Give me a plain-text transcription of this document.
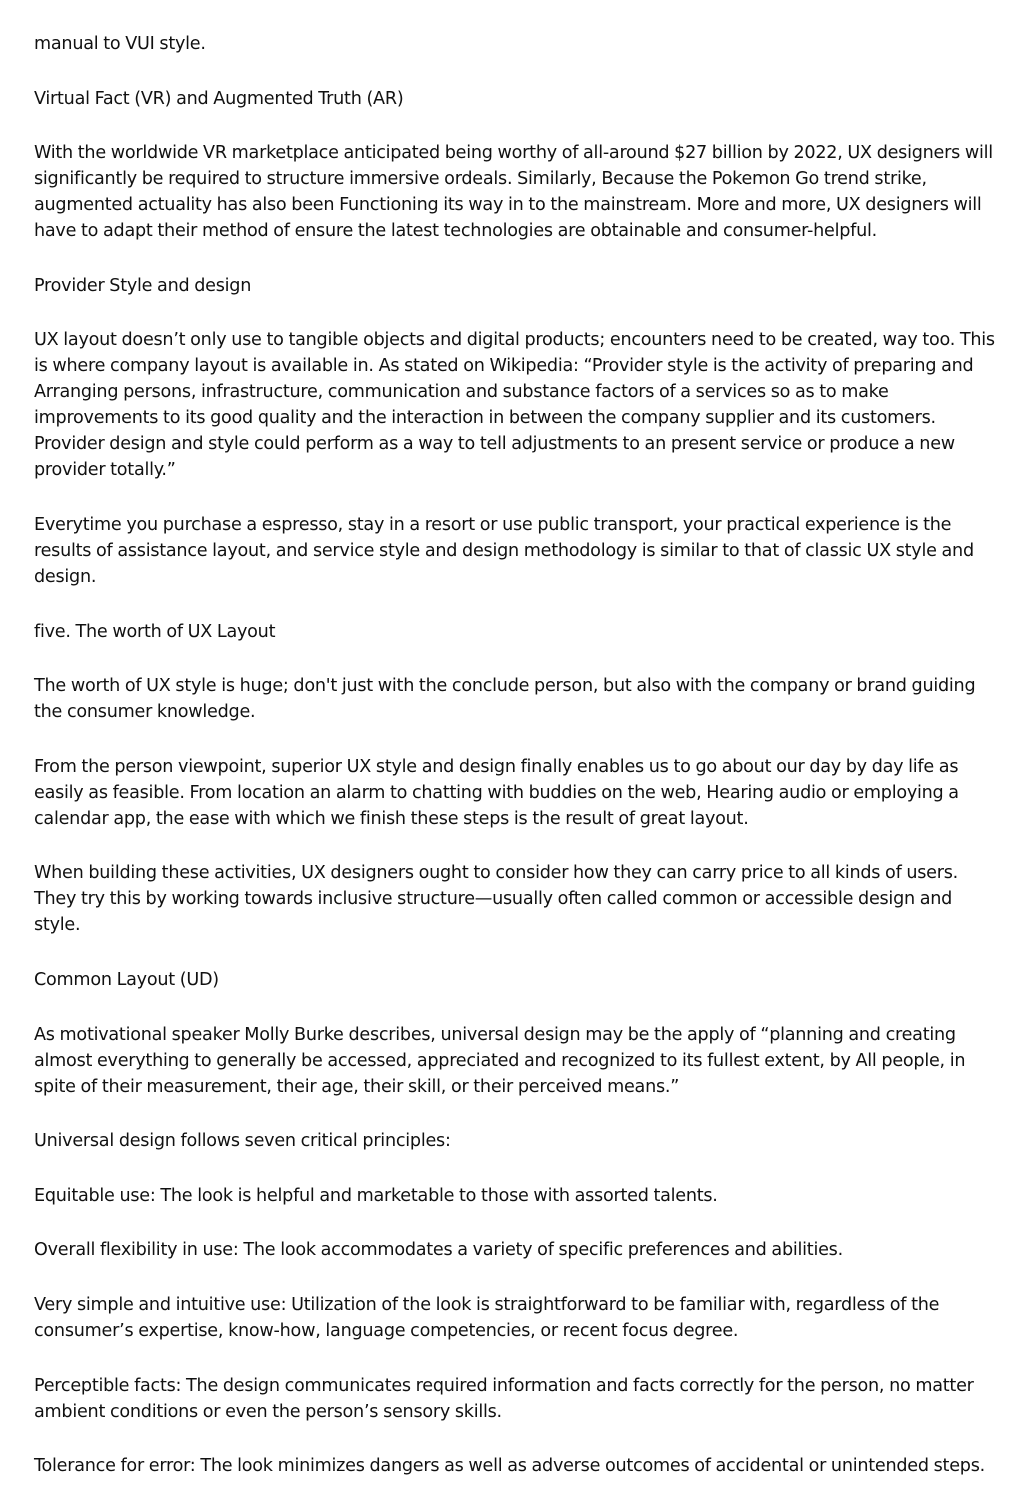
manual to VUI style.

Virtual Fact (VR) and Augmented Truth (AR)

With the worldwide VR marketplace anticipated being worthy of all-around $27 billion by 2022, UX designers will significantly be required to structure immersive ordeals. Similarly, Because the Pokemon Go trend strike, augmented actuality has also been Functioning its way in to the mainstream. More and more, UX designers will have to adapt their method of ensure the latest technologies are obtainable and consumer-helpful.

Provider Style and design

UX layout doesn’t only use to tangible objects and digital products; encounters need to be created, way too. This is where company layout is available in. As stated on Wikipedia: “Provider style is the activity of preparing and Arranging persons, infrastructure, communication and substance factors of a services so as to make improvements to its good quality and the interaction in between the company supplier and its customers. Provider design and style could perform as a way to tell adjustments to an present service or produce a new provider totally.”

Everytime you purchase a espresso, stay in a resort or use public transport, your practical experience is the results of assistance layout, and service style and design methodology is similar to that of classic UX style and design.

five. The worth of UX Layout

The worth of UX style is huge; don't just with the conclude person, but also with the company or brand guiding the consumer knowledge.

From the person viewpoint, superior UX style and design finally enables us to go about our day by day life as easily as feasible. From location an alarm to chatting with buddies on the web, Hearing audio or employing a calendar app, the ease with which we finish these steps is the result of great layout.

When building these activities, UX designers ought to consider how they can carry price to all kinds of users. They try this by working towards inclusive structure—usually often called common or accessible design and style.

Common Layout (UD)

As motivational speaker Molly Burke describes, universal design may be the apply of “planning and creating almost everything to generally be accessed, appreciated and recognized to its fullest extent, by All people, in spite of their measurement, their age, their skill, or their perceived means.”

Universal design follows seven critical principles:

Equitable use: The look is helpful and marketable to those with assorted talents.

Overall flexibility in use: The look accommodates a variety of specific preferences and abilities.

Very simple and intuitive use: Utilization of the look is straightforward to be familiar with, regardless of the consumer’s expertise, know-how, language competencies, or recent focus degree.

Perceptible facts: The design communicates required information and facts correctly for the person, no matter ambient conditions or even the person’s sensory skills.

Tolerance for error: The look minimizes dangers as well as adverse outcomes of accidental or unintended steps.
